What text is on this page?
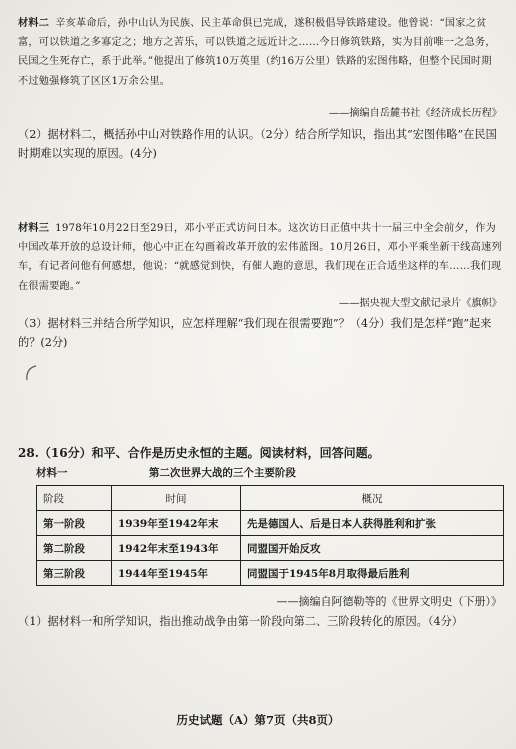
材料二 辛亥革命后，孙中山认为民族、民主革命俱已完成，遂积极倡导铁路建设。他曾说：“国家之贫富，可以铁道之多寡定之；地方之苦乐，可以铁道之远近计之……今日修筑铁路，实为目前唯一之急务，民国之生死存亡，系于此举。”他提出了修筑10万英里（约16万公里）铁路的宏图伟略，但整个民国时期不过勉强修筑了区区1万余公里。
——摘编自岳麓书社《经济成长历程》
（2）据材料二，概括孙中山对铁路作用的认识。（2分）结合所学知识，指出其“宏图伟略”在民国时期难以实现的原因。(4分)
材料三 1978年10月22日至29日，邓小平正式访问日本。这次访日正值中共十一届三中全会前夕，作为中国改革开放的总设计师，他心中正在勾画着改革开放的宏伟蓝图。10月26日，邓小平乘坐新干线高速列车，有记者问他有何感想，他说：“就感觉到快，有催人跑的意思，我们现在正合适坐这样的车……我们现在很需要跑。”
——据央视大型文献记录片《旗帜》
（3）据材料三并结合所学知识，应怎样理解“我们现在很需要跑”？（4分）我们是怎样“跑”起来的？(2分)
28.（16分）和平、合作是历史永恒的主题。阅读材料，回答问题。
材料一	第二次世界大战的三个主要阶段
阶段	时间	概况
第一阶段	1939年至1942年末	先是德国人、后是日本人获得胜利和扩张
第二阶段	1942年末至1943年	同盟国开始反攻
第三阶段	1944年至1945年	同盟国于1945年8月取得最后胜利
——摘编自阿德勒等的《世界文明史（下册）》
（1）据材料一和所学知识，指出推动战争由第一阶段向第二、三阶段转化的原因。（4分）
历史试题（A）第7页（共8页）
